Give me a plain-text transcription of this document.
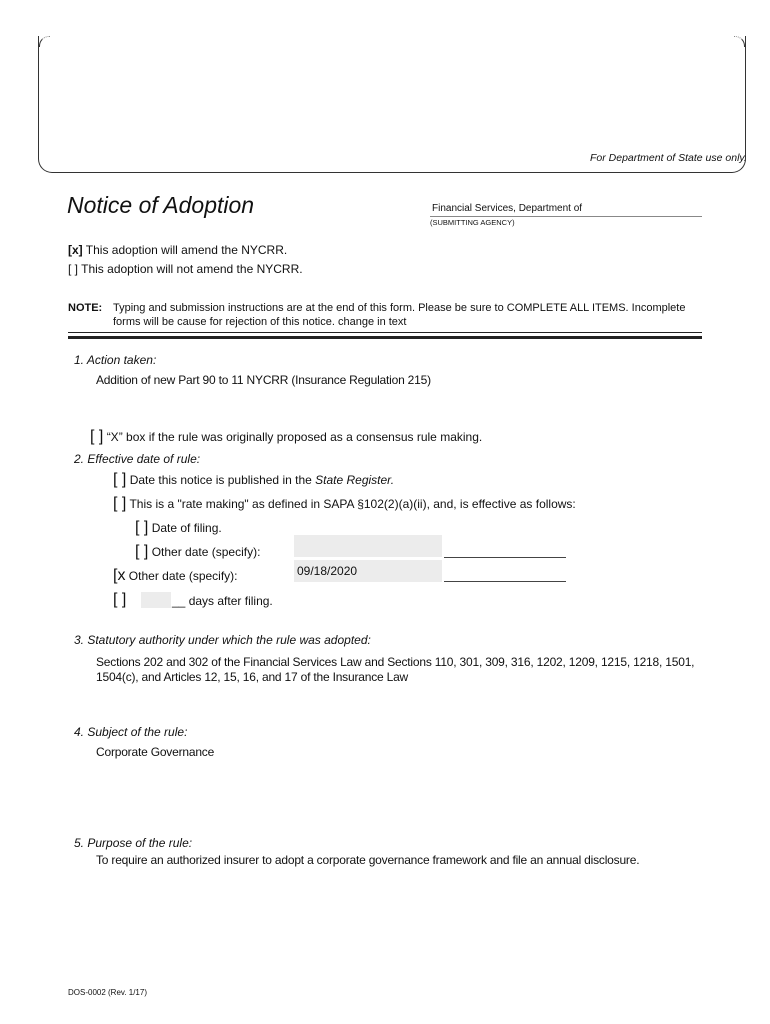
For Department of State use only.
Notice of Adoption	Financial Services, Department of
(SUBMITTING AGENCY)
[x] This adoption will amend the NYCRR.
[ ] This adoption will not amend the NYCRR.
NOTE: Typing and submission instructions are at the end of this form. Please be sure to COMPLETE ALL ITEMS. Incomplete
forms will be cause for rejection of this notice. change in text
1. Action taken:
Addition of new Part 90 to 11 NYCRR (Insurance Regulation 215)
[ ] “X” box if the rule was originally proposed as a consensus rule making.
2. Effective date of rule:
[ ] Date this notice is published in the State Register.
[ ] This is a "rate making" as defined in SAPA §102(2)(a)(ii), and, is effective as follows:
[ ] Date of filing.
[ ] Other date (specify):
[x Other date (specify):	09/18/2020
[ ]	__ days after filing.
3. Statutory authority under which the rule was adopted:
Sections 202 and 302 of the Financial Services Law and Sections 110, 301, 309, 316, 1202, 1209, 1215, 1218, 1501,
1504(c), and Articles 12, 15, 16, and 17 of the Insurance Law
4. Subject of the rule:
Corporate Governance
5. Purpose of the rule:
To require an authorized insurer to adopt a corporate governance framework and file an annual disclosure.
DOS-0002 (Rev. 1/17)
